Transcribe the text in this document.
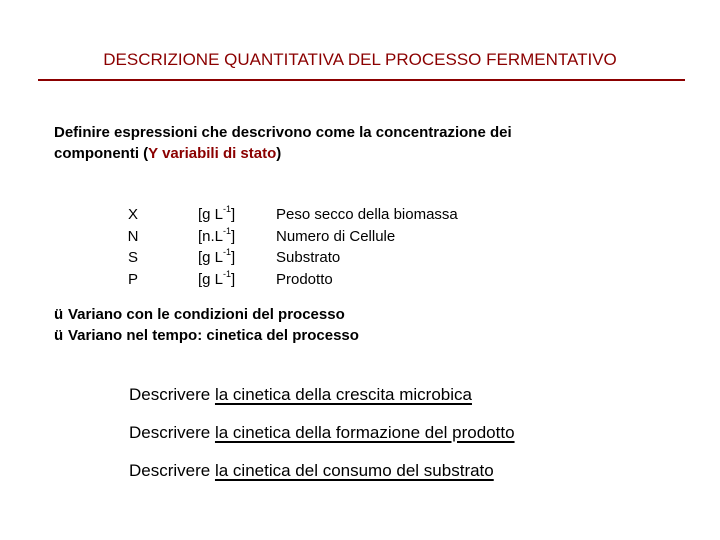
DESCRIZIONE QUANTITATIVA DEL PROCESSO FERMENTATIVO
Definire espressioni che descrivono come la concentrazione dei
componenti (Y variabili di stato)
X
N
S
P
[g $L^{-1}$]
$[n.L^{-1}]$
[g $L^{-1}$]
[g $L^{-1}$]
Peso secco della biomassa
Numero di Cellule
Substrato
Prodotto
ü Variano con le condizioni del processo
ü Variano nel tempo: cinetica del processo
Descrivere la cinetica della crescita microbica
Descrivere la cinetica della formazione del prodotto
Descrivere la cinetica del consumo del substrato
